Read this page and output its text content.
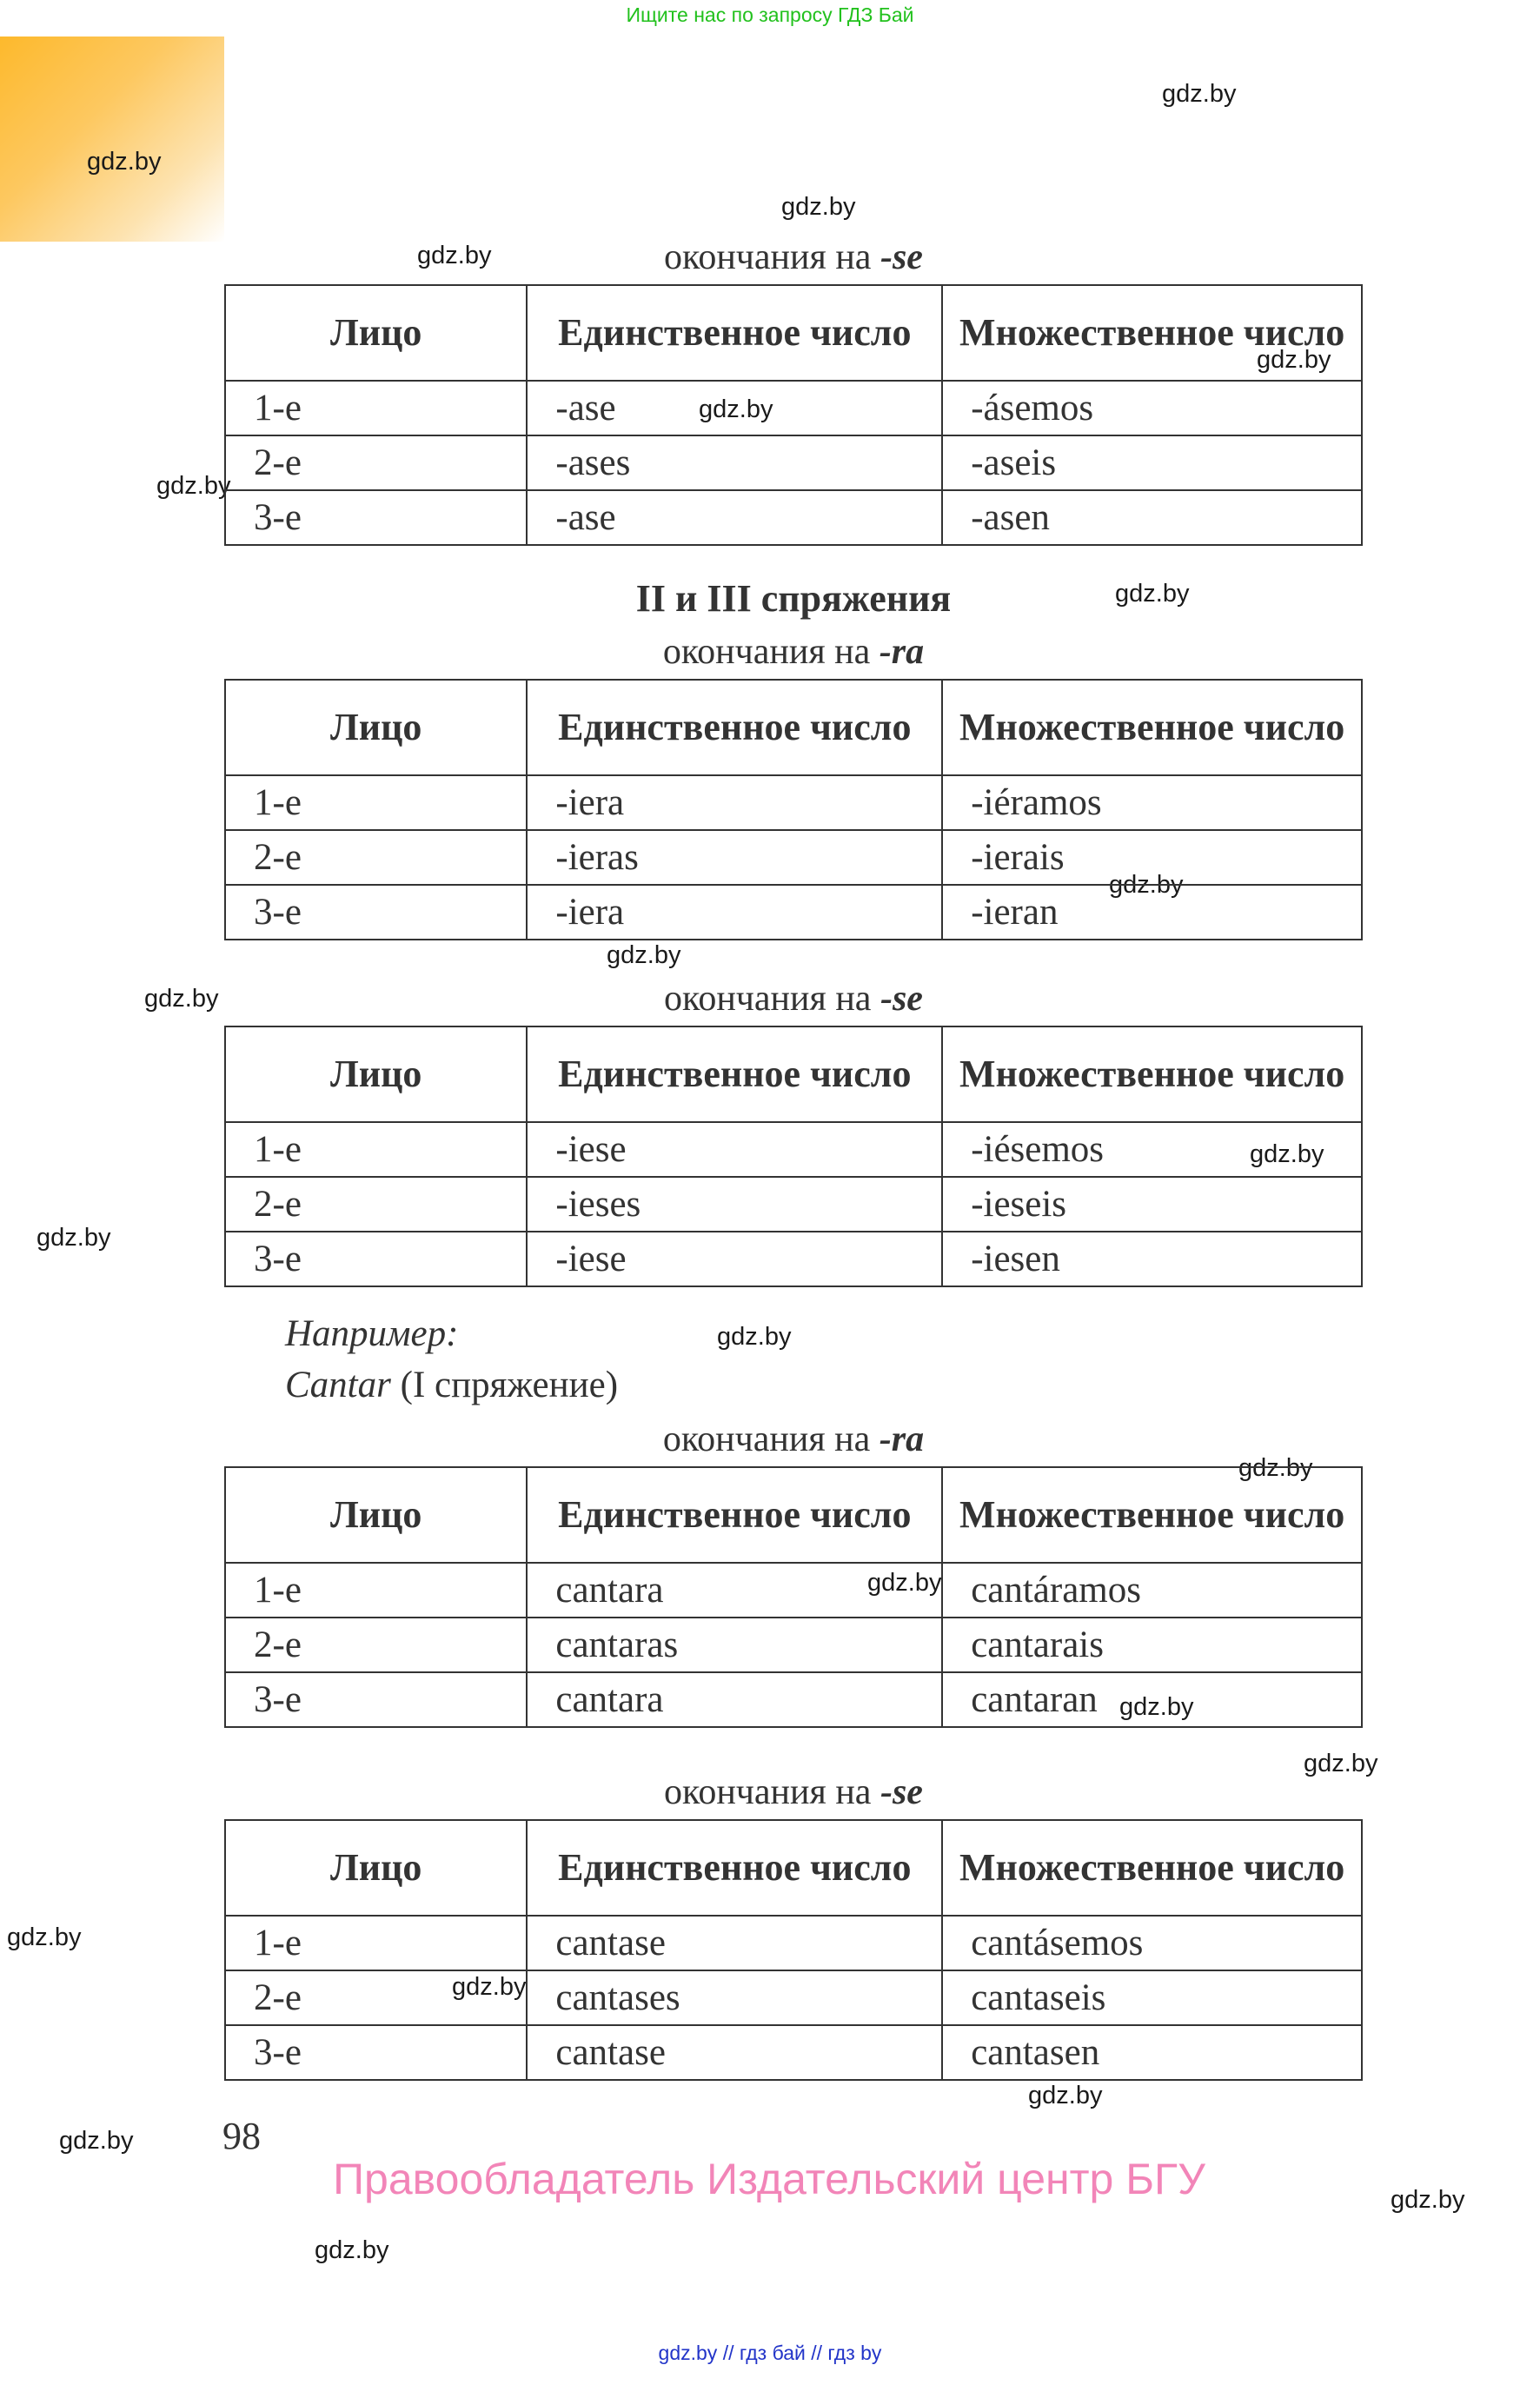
Ищите нас по запросу ГДЗ Бай
gdz.by
gdz.by
gdz.by
gdz.by
gdz.by
gdz.by
gdz.by
gdz.by
gdz.by
gdz.by
gdz.by
gdz.by
gdz.by
gdz.by
gdz.by
gdz.by
gdz.by
gdz.by
gdz.by
gdz.by
gdz.by
gdz.by
gdz.by
gdz.by
окончания на -se
Лицо	Единственное число	Множественное число
1-е	-ase	-ásemos
2-е	-ases	-aseis
3-е	-ase	-asen
II и III спряжения
окончания на -ra
Лицо	Единственное число	Множественное число
1-е	-iera	-iéramos
2-е	-ieras	-ierais
3-е	-iera	-ieran
окончания на -se
Лицо	Единственное число	Множественное число
1-е	-iese	-iésemos
2-е	-ieses	-ieseis
3-е	-iese	-iesen
Например:
Cantar (I спряжение)
окончания на -ra
Лицо	Единственное число	Множественное число
1-е	cantara	cantáramos
2-е	cantaras	cantarais
3-е	cantara	cantaran
окончания на -se
Лицо	Единственное число	Множественное число
1-е	cantase	cantásemos
2-е	cantases	cantaseis
3-е	cantase	cantasen
98
Правообладатель Издательский центр БГУ
gdz.by // гдз бай // гдз by
